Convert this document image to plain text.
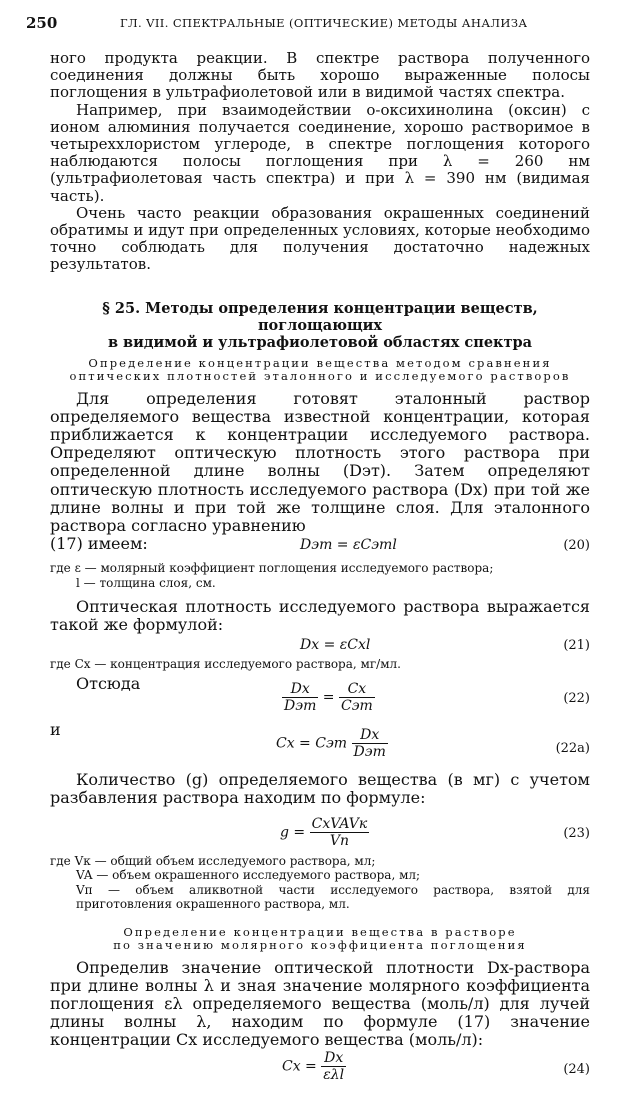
250	ГЛ. VII. СПЕКТРАЛЬНЫЕ (ОПТИЧЕСКИЕ) МЕТОДЫ АНАЛИЗА

ного продукта реакции. В спектре раствора полученного соединения должны быть хорошо выраженные полосы поглощения в ультрафиолетовой или в видимой частях спектра.

Например, при взаимодействии о-оксихинолина (оксин) с ионом алюминия получается соединение, хорошо растворимое в четыреххлористом углероде, в спектре поглощения которого наблюдаются полосы поглощения при λ = 260 нм (ультрафиолетовая часть спектра) и при λ = 390 нм (видимая часть).

Очень часто реакции образования окрашенных соединений обратимы и идут при определенных условиях, которые необходимо точно соблюдать для получения достаточно надежных результатов.

§ 25. Методы определения концентрации веществ, поглощающих
в видимой и ультрафиолетовой областях спектра
Определение концентрации вещества методом сравнения
оптических плотностей эталонного и исследуемого растворов

Для определения готовят эталонный раствор определяемого вещества известной концентрации, которая приближается к концентрации исследуемого раствора. Определяют оптическую плотность этого раствора при определенной длине волны (Dэт). Затем определяют оптическую плотность исследуемого раствора (Dx) при той же длине волны и при той же толщине слоя. Для эталонного раствора согласно уравнению

(17) имеем:	Dэт = εCэтl	(20)

где ε — молярный коэффициент поглощения исследуемого раствора;

l — толщина слоя, см.

Оптическая плотность исследуемого раствора выражается такой же формулой:

Dx = εCxl	(21)

где Cx — концентрация исследуемого раствора, мг/мл.

Отсюда	$\frac{Dx}{\text{Dэт}} = \frac{Cx}{\text{Cэт}}$	(22)
и
Cx = Cэт $\frac{Dx}{\text{Dэт}}$	(22а)

Количество (g) определяемого вещества (в мг) с учетом разбавления раствора находим по формуле:

$g = \frac{\text{CxVAVк}}{Vп}$	(23)

где Vк — общий объем исследуемого раствора, мл;

VA — объем окрашенного исследуемого раствора, мл;

Vп — объем аликвотной части исследуемого раствора, взятой для приготовления окрашенного раствора, мл.

Определение концентрации вещества в растворе
по значению молярного коэффициента поглощения

Определив значение оптической плотности Dx-раствора при длине волны λ и зная значение молярного коэффициента поглощения ελ определяемого вещества (моль/л) для лучей длины волны λ, находим по формуле (17) значение концентрации Cx исследуемого вещества (моль/л):

$Cx = \frac{Dx}{\text{ελl}}$	(24)
